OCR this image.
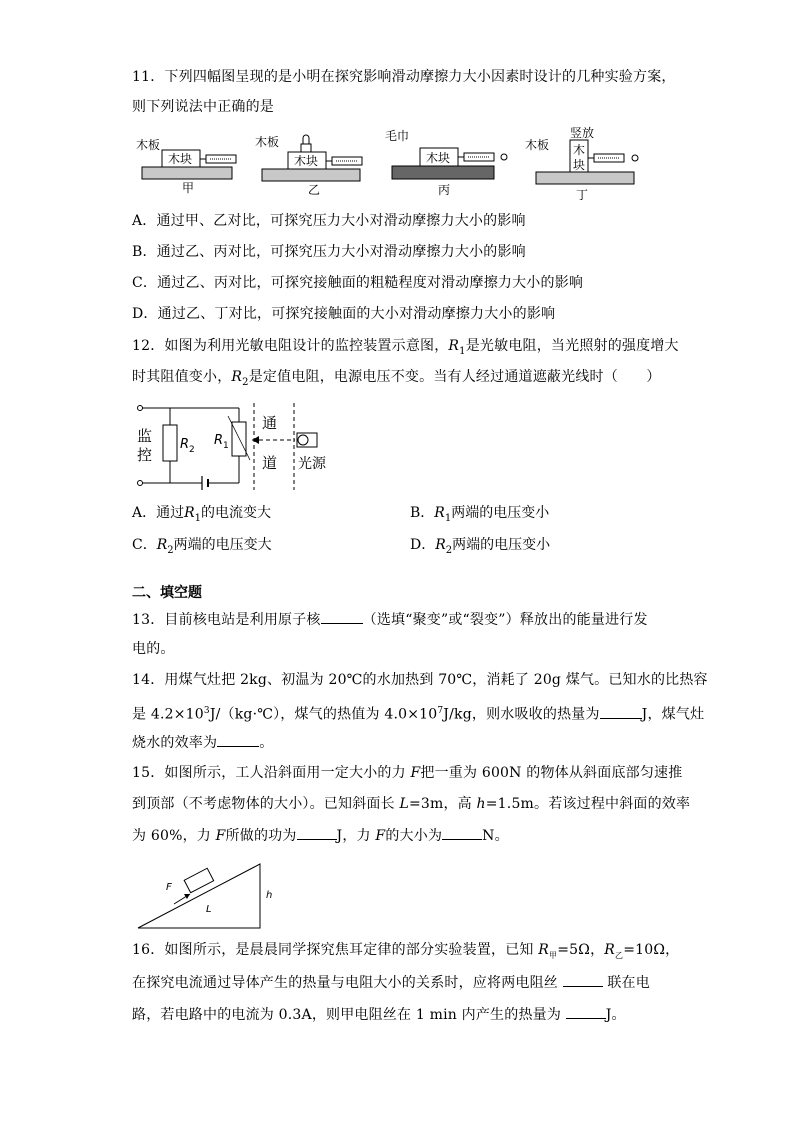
11．下列四幅图呈现的是小明在探究影响滑动摩擦力大小因素时设计的几种实验方案，
则下列说法中正确的是
木板
木块
甲
木板
木块
乙
毛巾
木块
丙
木板
竖放
木
块
丁
A．通过甲、乙对比，可探究压力大小对滑动摩擦力大小的影响
B．通过乙、丙对比，可探究压力大小对滑动摩擦力大小的影响
C．通过乙、丙对比，可探究接触面的粗糙程度对滑动摩擦力大小的影响
D．通过乙、丁对比，可探究接触面的大小对滑动摩擦力大小的影响
12．如图为利用光敏电阻设计的监控装置示意图，$R_1$是光敏电阻，当光照射的强度增大
时其阻值变小，$R_2$是定值电阻，电源电压不变。当有人经过通道遮蔽光线时（　　）
监
控
R 2
R 1
通
道 光源
A．通过$R_1$的电流变大	B．$R_1$两端的电压变小
C．$R_2$两端的电压变大	D．$R_2$两端的电压变小
二、填空题
13．目前核电站是利用原子核	（选填“聚变”或“裂变”）释放出的能量进行发
电的。
14．用煤气灶把 2kg、初温为 20℃的水加热到 70℃，消耗了 20g 煤气。已知水的比热容
是 $4.2\times 10^3J/(kg\cdot℃)$，煤气的热值为 $4.0\times 10^7J/kg$，则水吸收的热量为	J，煤气灶
烧水的效率为	。
15．如图所示，工人沿斜面用一定大小的力 F把一重为 600N 的物体从斜面底部匀速推
到顶部（不考虑物体的大小）。已知斜面长 L=3m，高 h=1.5m。若该过程中斜面的效率
为 60%，力 F所做的功为	J，力 F的大小为	N。
F
L
h
16．如图所示，是晨晨同学探究焦耳定律的部分实验装置，已知 $R_甲=5\Omega$，$R_乙=10\Omega$，
在探究电流通过导体产生的热量与电阻大小的关系时，应将两电阻丝	联在电
路，若电路中的电流为 0.3A，则甲电阻丝在 1 min 内产生的热量为	J。
